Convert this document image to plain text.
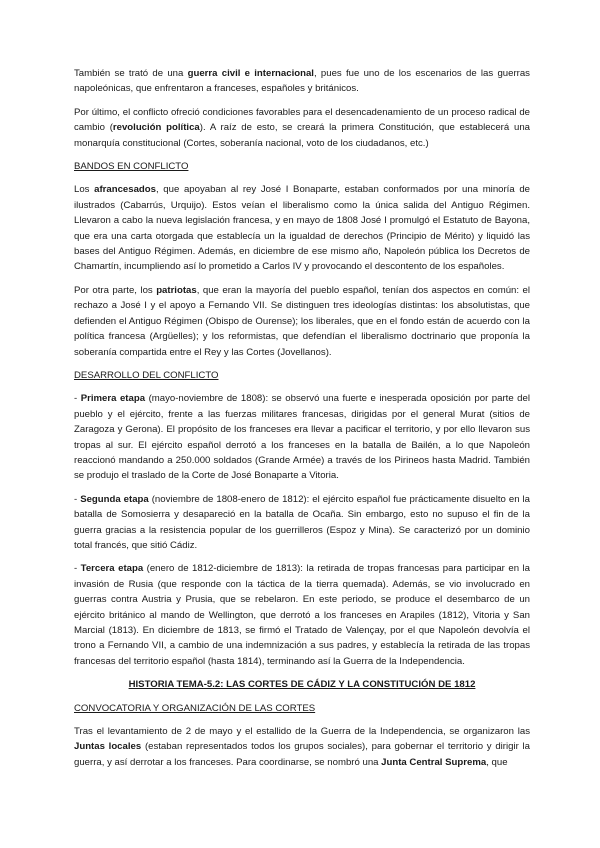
También se trató de una guerra civil e internacional, pues fue uno de los escenarios de las guerras napoleónicas, que enfrentaron a franceses, españoles y británicos.

Por último, el conflicto ofreció condiciones favorables para el desencadenamiento de un proceso radical de cambio (revolución política). A raíz de esto, se creará la primera Constitución, que establecerá una monarquía constitucional (Cortes, soberanía nacional, voto de los ciudadanos, etc.)

BANDOS EN CONFLICTO

Los afrancesados, que apoyaban al rey José I Bonaparte, estaban conformados por una minoría de ilustrados (Cabarrús, Urquijo). Estos veían el liberalismo como la única salida del Antiguo Régimen. Llevaron a cabo la nueva legislación francesa, y en mayo de 1808 José I promulgó el Estatuto de Bayona, que era una carta otorgada que establecía un la igualdad de derechos (Principio de Mérito) y liquidó las bases del Antiguo Régimen. Además, en diciembre de ese mismo año, Napoleón pública los Decretos de Chamartín, incumpliendo así lo prometido a Carlos IV y provocando el descontento de los españoles.

Por otra parte, los patriotas, que eran la mayoría del pueblo español, tenían dos aspectos en común: el rechazo a José I y el apoyo a Fernando VII. Se distinguen tres ideologías distintas: los absolutistas, que defienden el Antiguo Régimen (Obispo de Ourense); los liberales, que en el fondo están de acuerdo con la política francesa (Argüelles); y los reformistas, que defendían el liberalismo doctrinario que proponía la soberanía compartida entre el Rey y las Cortes (Jovellanos).

DESARROLLO DEL CONFLICTO

- Primera etapa (mayo-noviembre de 1808): se observó una fuerte e inesperada oposición por parte del pueblo y el ejército, frente a las fuerzas militares francesas, dirigidas por el general Murat (sitios de Zaragoza y Gerona). El propósito de los franceses era llevar a pacificar el territorio, y por ello llevaron sus tropas al sur. El ejército español derrotó a los franceses en la batalla de Bailén, a lo que Napoleón reaccionó mandando a 250.000 soldados (Grande Armée) a través de los Pirineos hasta Madrid. También se produjo el traslado de la Corte de José Bonaparte a Vitoria.

- Segunda etapa (noviembre de 1808-enero de 1812): el ejército español fue prácticamente disuelto en la batalla de Somosierra y desapareció en la batalla de Ocaña. Sin embargo, esto no supuso el fin de la guerra gracias a la resistencia popular de los guerrilleros (Espoz y Mina). Se caracterizó por un dominio total francés, que sitió Cádiz.

- Tercera etapa (enero de 1812-diciembre de 1813): la retirada de tropas francesas para participar en la invasión de Rusia (que responde con la táctica de la tierra quemada). Además, se vio involucrado en guerras contra Austria y Prusia, que se rebelaron. En este periodo, se produce el desembarco de un ejército británico al mando de Wellington, que derrotó a los franceses en Arapiles (1812), Vitoria y San Marcial (1813). En diciembre de 1813, se firmó el Tratado de Valençay, por el que Napoleón devolvía el trono a Fernando VII, a cambio de una indemnización a sus padres, y establecía la retirada de las tropas francesas del territorio español (hasta 1814), terminando así la Guerra de la Independencia.

HISTORIA TEMA-5.2: LAS CORTES DE CÁDIZ Y LA CONSTITUCIÓN DE 1812
CONVOCATORIA Y ORGANIZACIÓN DE LAS CORTES

Tras el levantamiento de 2 de mayo y el estallido de la Guerra de la Independencia, se organizaron las Juntas locales (estaban representados todos los grupos sociales), para gobernar el territorio y dirigir la guerra, y así derrotar a los franceses. Para coordinarse, se nombró una Junta Central Suprema, que
